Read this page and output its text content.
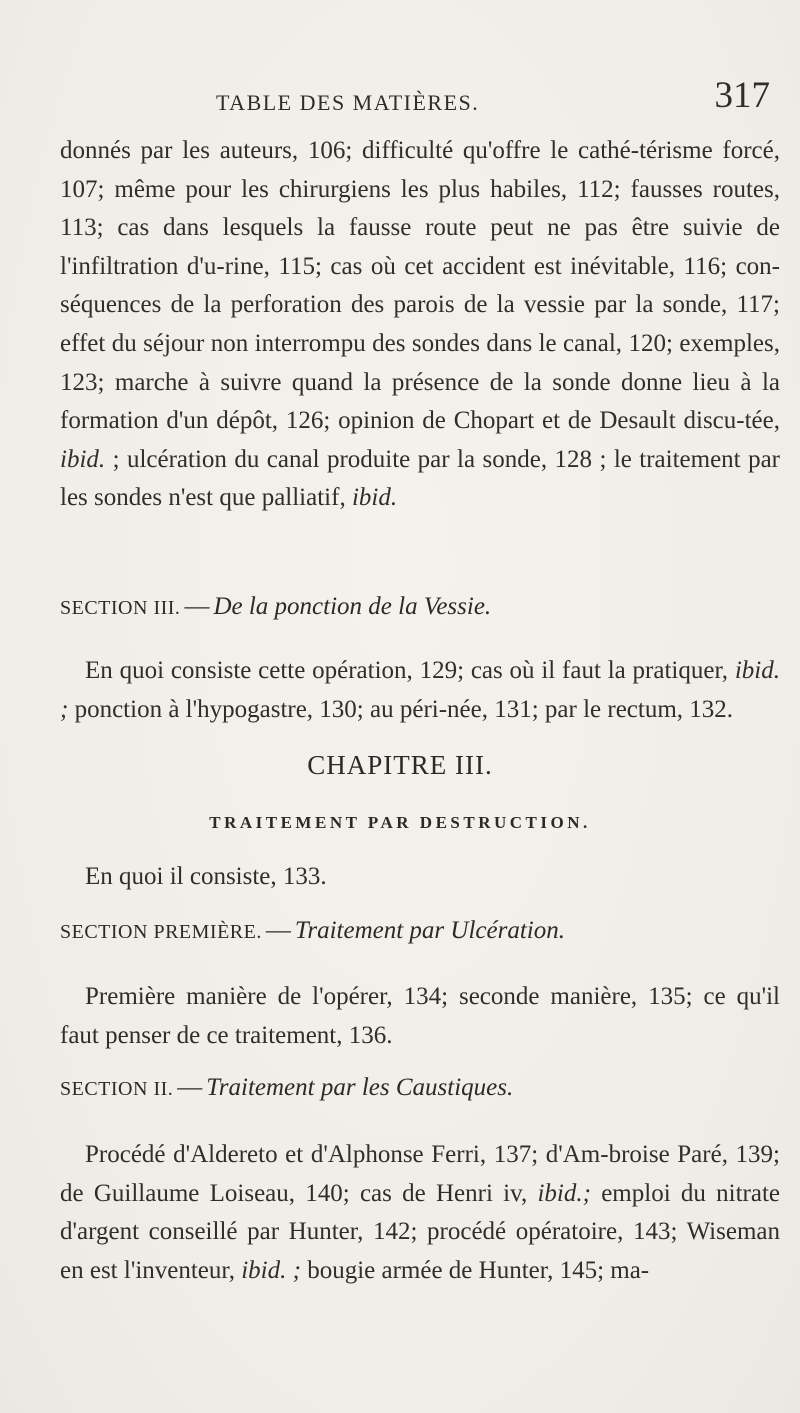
TABLE DES MATIÈRES.	317
donnés par les auteurs, 106; difficulté qu'offre le cathé-térisme forcé, 107; même pour les chirurgiens les plus habiles, 112; fausses routes, 113; cas dans lesquels la fausse route peut ne pas être suivie de l'infiltration d'u-rine, 115; cas où cet accident est inévitable, 116; con-séquences de la perforation des parois de la vessie par la sonde, 117; effet du séjour non interrompu des sondes dans le canal, 120; exemples, 123; marche à suivre quand la présence de la sonde donne lieu à la formation d'un dépôt, 126; opinion de Chopart et de Desault discu-tée, ibid. ; ulcération du canal produite par la sonde, 128 ; le traitement par les sondes n'est que palliatif, ibid.
SECTION III. — De la ponction de la Vessie.
En quoi consiste cette opération, 129; cas où il faut la pratiquer, ibid. ; ponction à l'hypogastre, 130; au péri-née, 131; par le rectum, 132.
CHAPITRE III.
TRAITEMENT PAR DESTRUCTION.
En quoi il consiste, 133.
SECTION PREMIÈRE. — Traitement par Ulcération.
Première manière de l'opérer, 134; seconde manière, 135; ce qu'il faut penser de ce traitement, 136.
SECTION II. — Traitement par les Caustiques.
Procédé d'Aldereto et d'Alphonse Ferri, 137; d'Am-broise Paré, 139; de Guillaume Loiseau, 140; cas de Henri iv, ibid.; emploi du nitrate d'argent conseillé par Hunter, 142; procédé opératoire, 143; Wiseman en est l'inventeur, ibid. ; bougie armée de Hunter, 145; ma-
